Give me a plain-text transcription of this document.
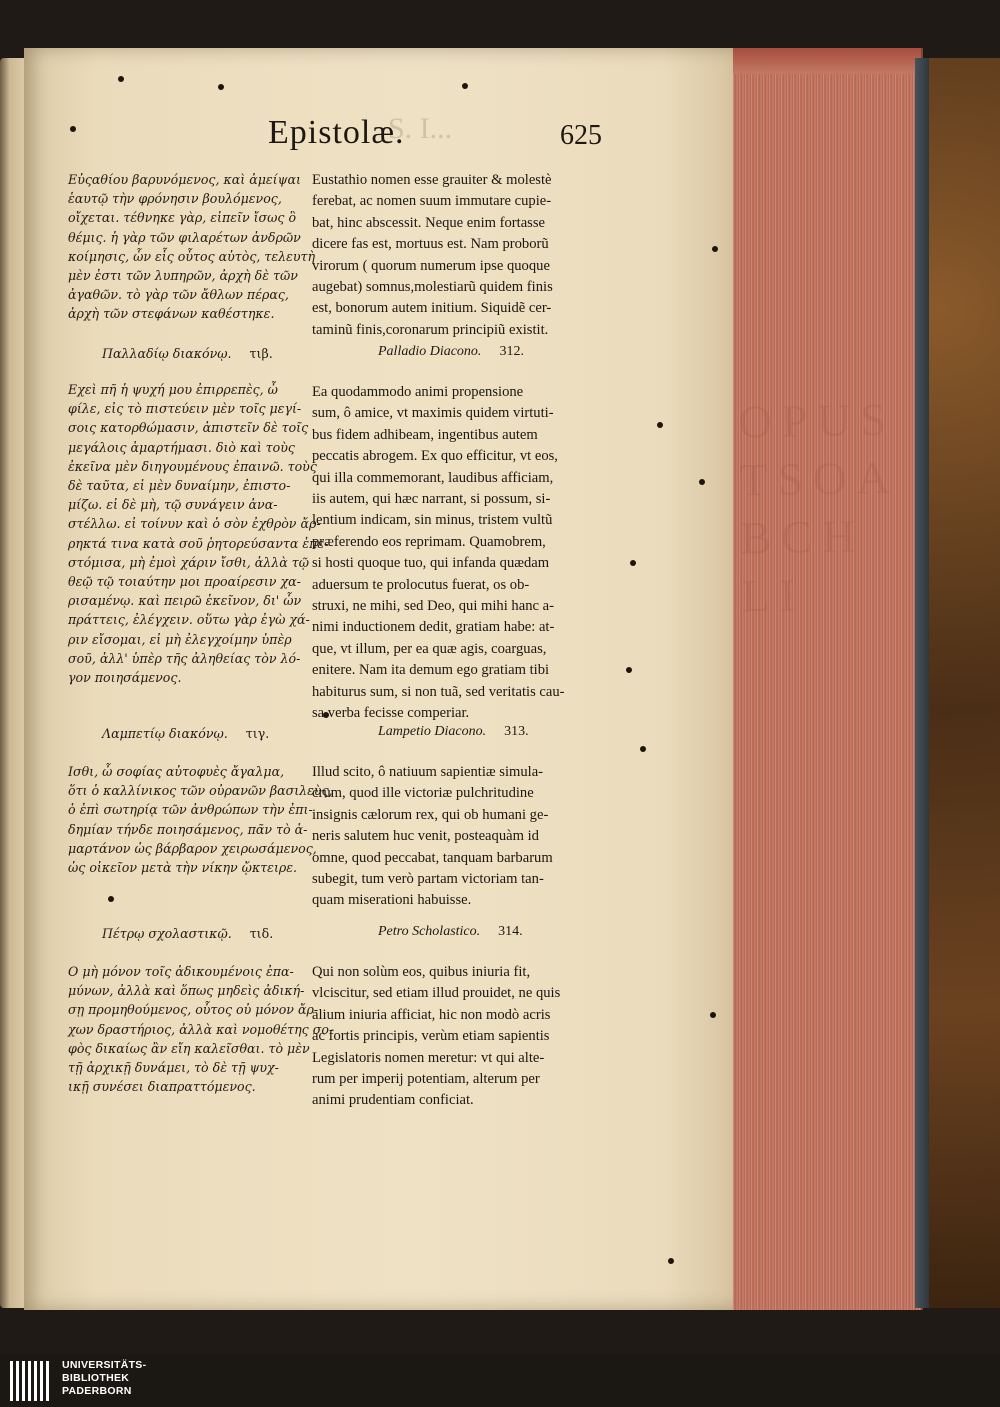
OPUS
TSOA
BCH
LI
S. I...
Epistolæ.	625
Εὐςαθίου βαρυνόμενος, καὶ ἀμείψαι
ἑαυτῷ τὴν φρόνησιν βουλόμενος,
οἴχεται. τέθνηκε γὰρ, εἰπεῖν ἴσως ὃ
θέμις. ἡ γὰρ τῶν φιλαρέτων ἀνδρῶν
κοίμησις, ὧν εἷς οὗτος αὐτὸς, τελευτὴ
μὲν ἐστι τῶν λυπηρῶν, ἀρχὴ δὲ τῶν
ἀγαθῶν. τὸ γὰρ τῶν ἄθλων πέρας,
ἀρχὴ τῶν στεφάνων καθέστηκε.
Eustathio nomen esse grauiter & molestè
ferebat, ac nomen suum immutare cupie-
bat, hinc abscessit. Neque enim fortasse
dicere fas est, mortuus est. Nam proborũ
virorum ( quorum numerum ipse quoque
augebat) somnus,molestiarũ quidem finis
est, bonorum autem initium. Siquidẽ cer-
taminũ finis,coronarum principiũ existit.
Παλλαδίῳ διακόνῳ. τιβ.	Palladio Diacono. 312.
Εχεὶ πῆ ἡ ψυχή μου ἐπιρρεπὲς, ὦ
φίλε, εἰς τὸ πιστεύειν μὲν τοῖς μεγί-
σοις κατορθώμασιν, ἀπιστεῖν δὲ τοῖς
μεγάλοις ἁμαρτήμασι. διὸ καὶ τοὺς
ἐκεῖνα μὲν διηγουμένους ἐπαινῶ. τοὺς
δὲ ταῦτα, εἰ μὲν δυναίμην, ἐπιστο-
μίζω. εἰ δὲ μὴ, τῷ συνάγειν ἀνα-
στέλλω. εἰ τοίνυν καὶ ὁ σὸν ἐχθρὸν ἄρ-
ρηκτά τινα κατὰ σοῦ ῥητορεύσαντα ἐπε-
στόμισα, μὴ ἐμοὶ χάριν ἴσθι, ἀλλὰ τῷ
θεῷ τῷ τοιαύτην μοι προαίρεσιν χα-
ρισαμένῳ. καὶ πειρῶ ἐκεῖνον, δι' ὧν
πράττεις, ἐλέγχειν. οὕτω γὰρ ἐγὼ χά-
ριν εἴσομαι, εἰ μὴ ἐλεγχοίμην ὑπὲρ
σοῦ, ἀλλ' ὑπὲρ τῆς ἀληθείας τὸν λό-
γον ποιησάμενος.
Ea quodammodo animi propensione
sum, ô amice, vt maximis quidem virtuti-
bus fidem adhibeam, ingentibus autem
peccatis abrogem. Ex quo efficitur, vt eos,
qui illa commemorant, laudibus afficiam,
iis autem, qui hæc narrant, si possum, si-
lentium indicam, sin minus, tristem vultũ
præferendo eos reprimam. Quamobrem,
si hosti quoque tuo, qui infanda quædam
aduersum te prolocutus fuerat, os ob-
struxi, ne mihi, sed Deo, qui mihi hanc a-
nimi inductionem dedit, gratiam habe: at-
que, vt illum, per ea quæ agis, coarguas,
enitere. Nam ita demum ego gratiam tibi
habiturus sum, si non tuã, sed veritatis cau-
sa verba fecisse comperiar.
Λαμπετίῳ διακόνῳ. τιγ.	Lampetio Diacono. 313.
Ισθι, ὦ σοφίας αὐτοφυὲς ἄγαλμα,
ὅτι ὁ καλλίνικος τῶν οὐρανῶν βασιλεὺς,
ὁ ἐπὶ σωτηρίᾳ τῶν ἀνθρώπων τὴν ἐπι-
δημίαν τήνδε ποιησάμενος, πᾶν τὸ ἁ-
μαρτάνον ὡς βάρβαρον χειρωσάμενος,
ὡς οἰκεῖον μετὰ τὴν νίκην ᾤκτειρε.
Illud scito, ô natiuum sapientiæ simula-
crum, quod ille victoriæ pulchritudine
insignis cælorum rex, qui ob humani ge-
neris salutem huc venit, posteaquàm id
omne, quod peccabat, tanquam barbarum
subegit, tum verò partam victoriam tan-
quam miserationi habuisse.
Πέτρῳ σχολαστικῷ. τιδ.	Petro Scholastico. 314.
Ο μὴ μόνον τοῖς ἀδικουμένοις ἐπα-
μύνων, ἀλλὰ καὶ ὅπως μηδεὶς ἀδική-
σῃ προμηθούμενος, οὗτος οὐ μόνον ἄρ-
χων δραστήριος, ἀλλὰ καὶ νομοθέτης σο-
φὸς δικαίως ἂν εἴη καλεῖσθαι. τὸ μὲν
τῇ ἀρχικῇ δυνάμει, τὸ δὲ τῇ ψυχ-
ικῇ συνέσει διαπραττόμενος.
Qui non solùm eos, quibus iniuria fit,
vlciscitur, sed etiam illud prouidet, ne quis
alium iniuria afficiat, hic non modò acris
ac fortis principis, verùm etiam sapientis
Legislatoris nomen meretur: vt qui alte-
rum per imperij potentiam, alterum per
animi prudentiam conficiat.
UNIVERSITÄTS-
BIBLIOTHEK
PADERBORN
